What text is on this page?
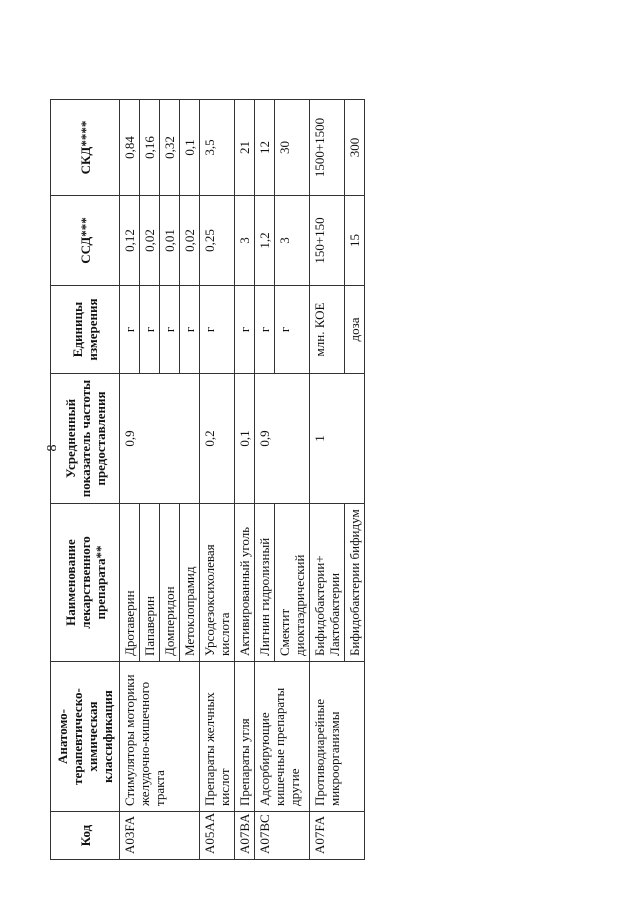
8
Код	Анатомо-терапевтическо-химическая классификация	Наименование лекарственного препарата**	Усредненный показатель частоты предоставления	Единицы измерения	ССД***	СКД****
A03FA	Стимуляторы моторики желудочно-кишечного тракта	Дротаверин	0,9	г	0,12	0,84
		Папаверин		г	0,02	0,16
		Домперидон		г	0,01	0,32
		Метоклопрамид		г	0,02	0,1
A05AA	Препараты желчных кислот	Урсодезоксихолевая кислота	0,2	г	0,25	3,5
A07BA	Препараты угля	Активированный уголь	0,1	г	3	21
A07BC	Адсорбирующие кишечные препараты другие	Лигнин гидролизный	0,9	г	1,2	12
		Смектит диоктаэдрический		г	3	30
A07FA	Противодиарейные микроорганизмы	Бифидобактерии+ Лактобактерии	1	млн. КОЕ	150+150	1500+1500
		Бифидобактерии бифидум		доза	15	300
